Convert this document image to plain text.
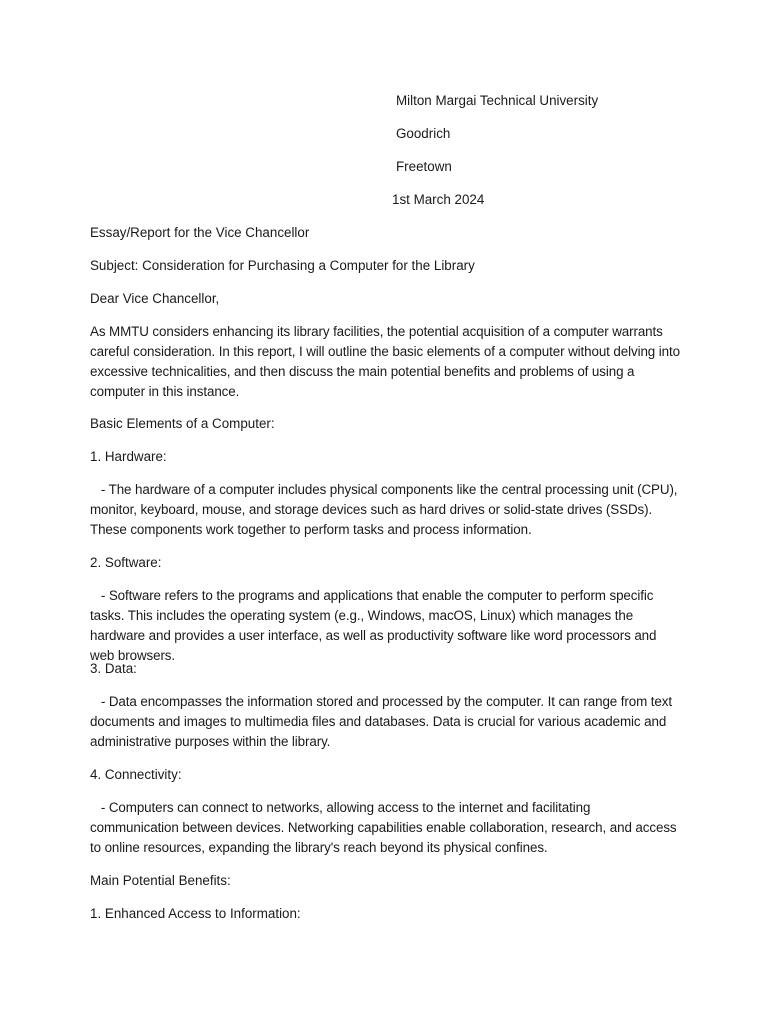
Milton Margai Technical University

Goodrich

Freetown

1st March 2024

Essay/Report for the Vice Chancellor

Subject: Consideration for Purchasing a Computer for the Library

Dear Vice Chancellor,

As MMTU considers enhancing its library facilities, the potential acquisition of a computer warrants careful consideration. In this report, I will outline the basic elements of a computer without delving into excessive technicalities, and then discuss the main potential benefits and problems of using a computer in this instance.

Basic Elements of a Computer:

1. Hardware:

- The hardware of a computer includes physical components like the central processing unit (CPU), monitor, keyboard, mouse, and storage devices such as hard drives or solid-state drives (SSDs). These components work together to perform tasks and process information.

2. Software:

- Software refers to the programs and applications that enable the computer to perform specific tasks. This includes the operating system (e.g., Windows, macOS, Linux) which manages the hardware and provides a user interface, as well as productivity software like word processors and web browsers.

3. Data:

- Data encompasses the information stored and processed by the computer. It can range from text documents and images to multimedia files and databases. Data is crucial for various academic and administrative purposes within the library.

4. Connectivity:

- Computers can connect to networks, allowing access to the internet and facilitating communication between devices. Networking capabilities enable collaboration, research, and access to online resources, expanding the library's reach beyond its physical confines.

Main Potential Benefits:

1. Enhanced Access to Information:
